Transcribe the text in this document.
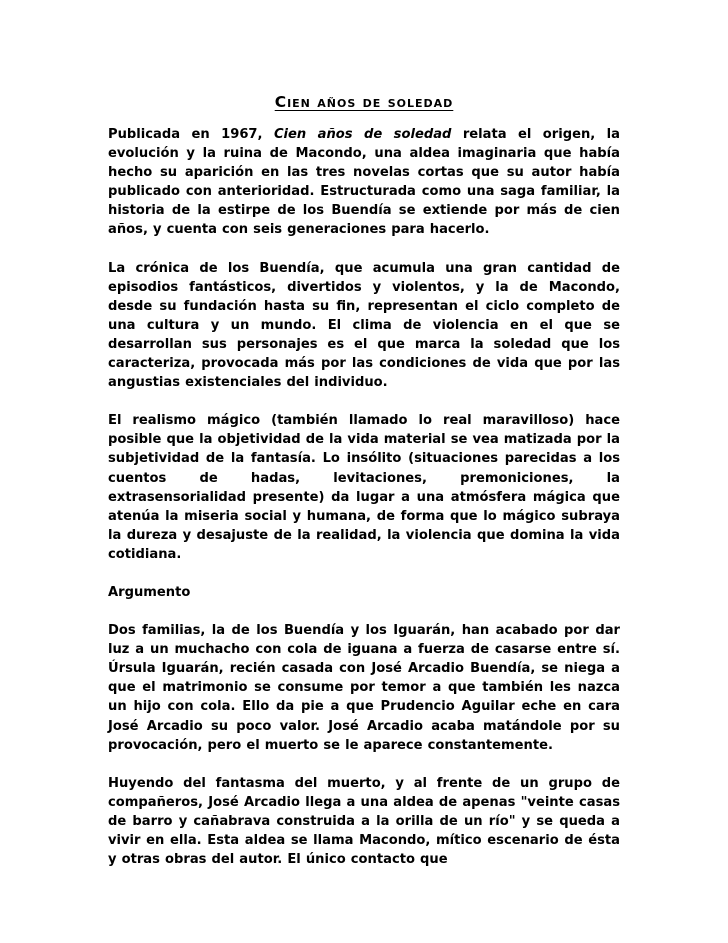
Cien años de soledad

Publicada en 1967, Cien años de soledad relata el origen, la evolución y la ruina de Macondo, una aldea imaginaria que había hecho su aparición en las tres novelas cortas que su autor había publicado con anterioridad. Estructurada como una saga familiar, la historia de la estirpe de los Buendía se extiende por más de cien años, y cuenta con seis generaciones para hacerlo.

La crónica de los Buendía, que acumula una gran cantidad de episodios fantásticos, divertidos y violentos, y la de Macondo, desde su fundación hasta su fin, representan el ciclo completo de una cultura y un mundo. El clima de violencia en el que se desarrollan sus personajes es el que marca la soledad que los caracteriza, provocada más por las condiciones de vida que por las angustias existenciales del individuo.

El realismo mágico (también llamado lo real maravilloso) hace posible que la objetividad de la vida material se vea matizada por la subjetividad de la fantasía. Lo insólito (situaciones parecidas a los cuentos de hadas, levitaciones, premoniciones, la extrasensorialidad presente) da lugar a una atmósfera mágica que atenúa la miseria social y humana, de forma que lo mágico subraya la dureza y desajuste de la realidad, la violencia que domina la vida cotidiana.

Argumento

Dos familias, la de los Buendía y los Iguarán, han acabado por dar luz a un muchacho con cola de iguana a fuerza de casarse entre sí. Úrsula Iguarán, recién casada con José Arcadio Buendía, se niega a que el matrimonio se consume por temor a que también les nazca un hijo con cola. Ello da pie a que Prudencio Aguilar eche en cara José Arcadio su poco valor. José Arcadio acaba matándole por su provocación, pero el muerto se le aparece constantemente.

Huyendo del fantasma del muerto, y al frente de un grupo de compañeros, José Arcadio llega a una aldea de apenas "veinte casas de barro y cañabrava construida a la orilla de un río" y se queda a vivir en ella. Esta aldea se llama Macondo, mítico escenario de ésta y otras obras del autor. El único contacto que
